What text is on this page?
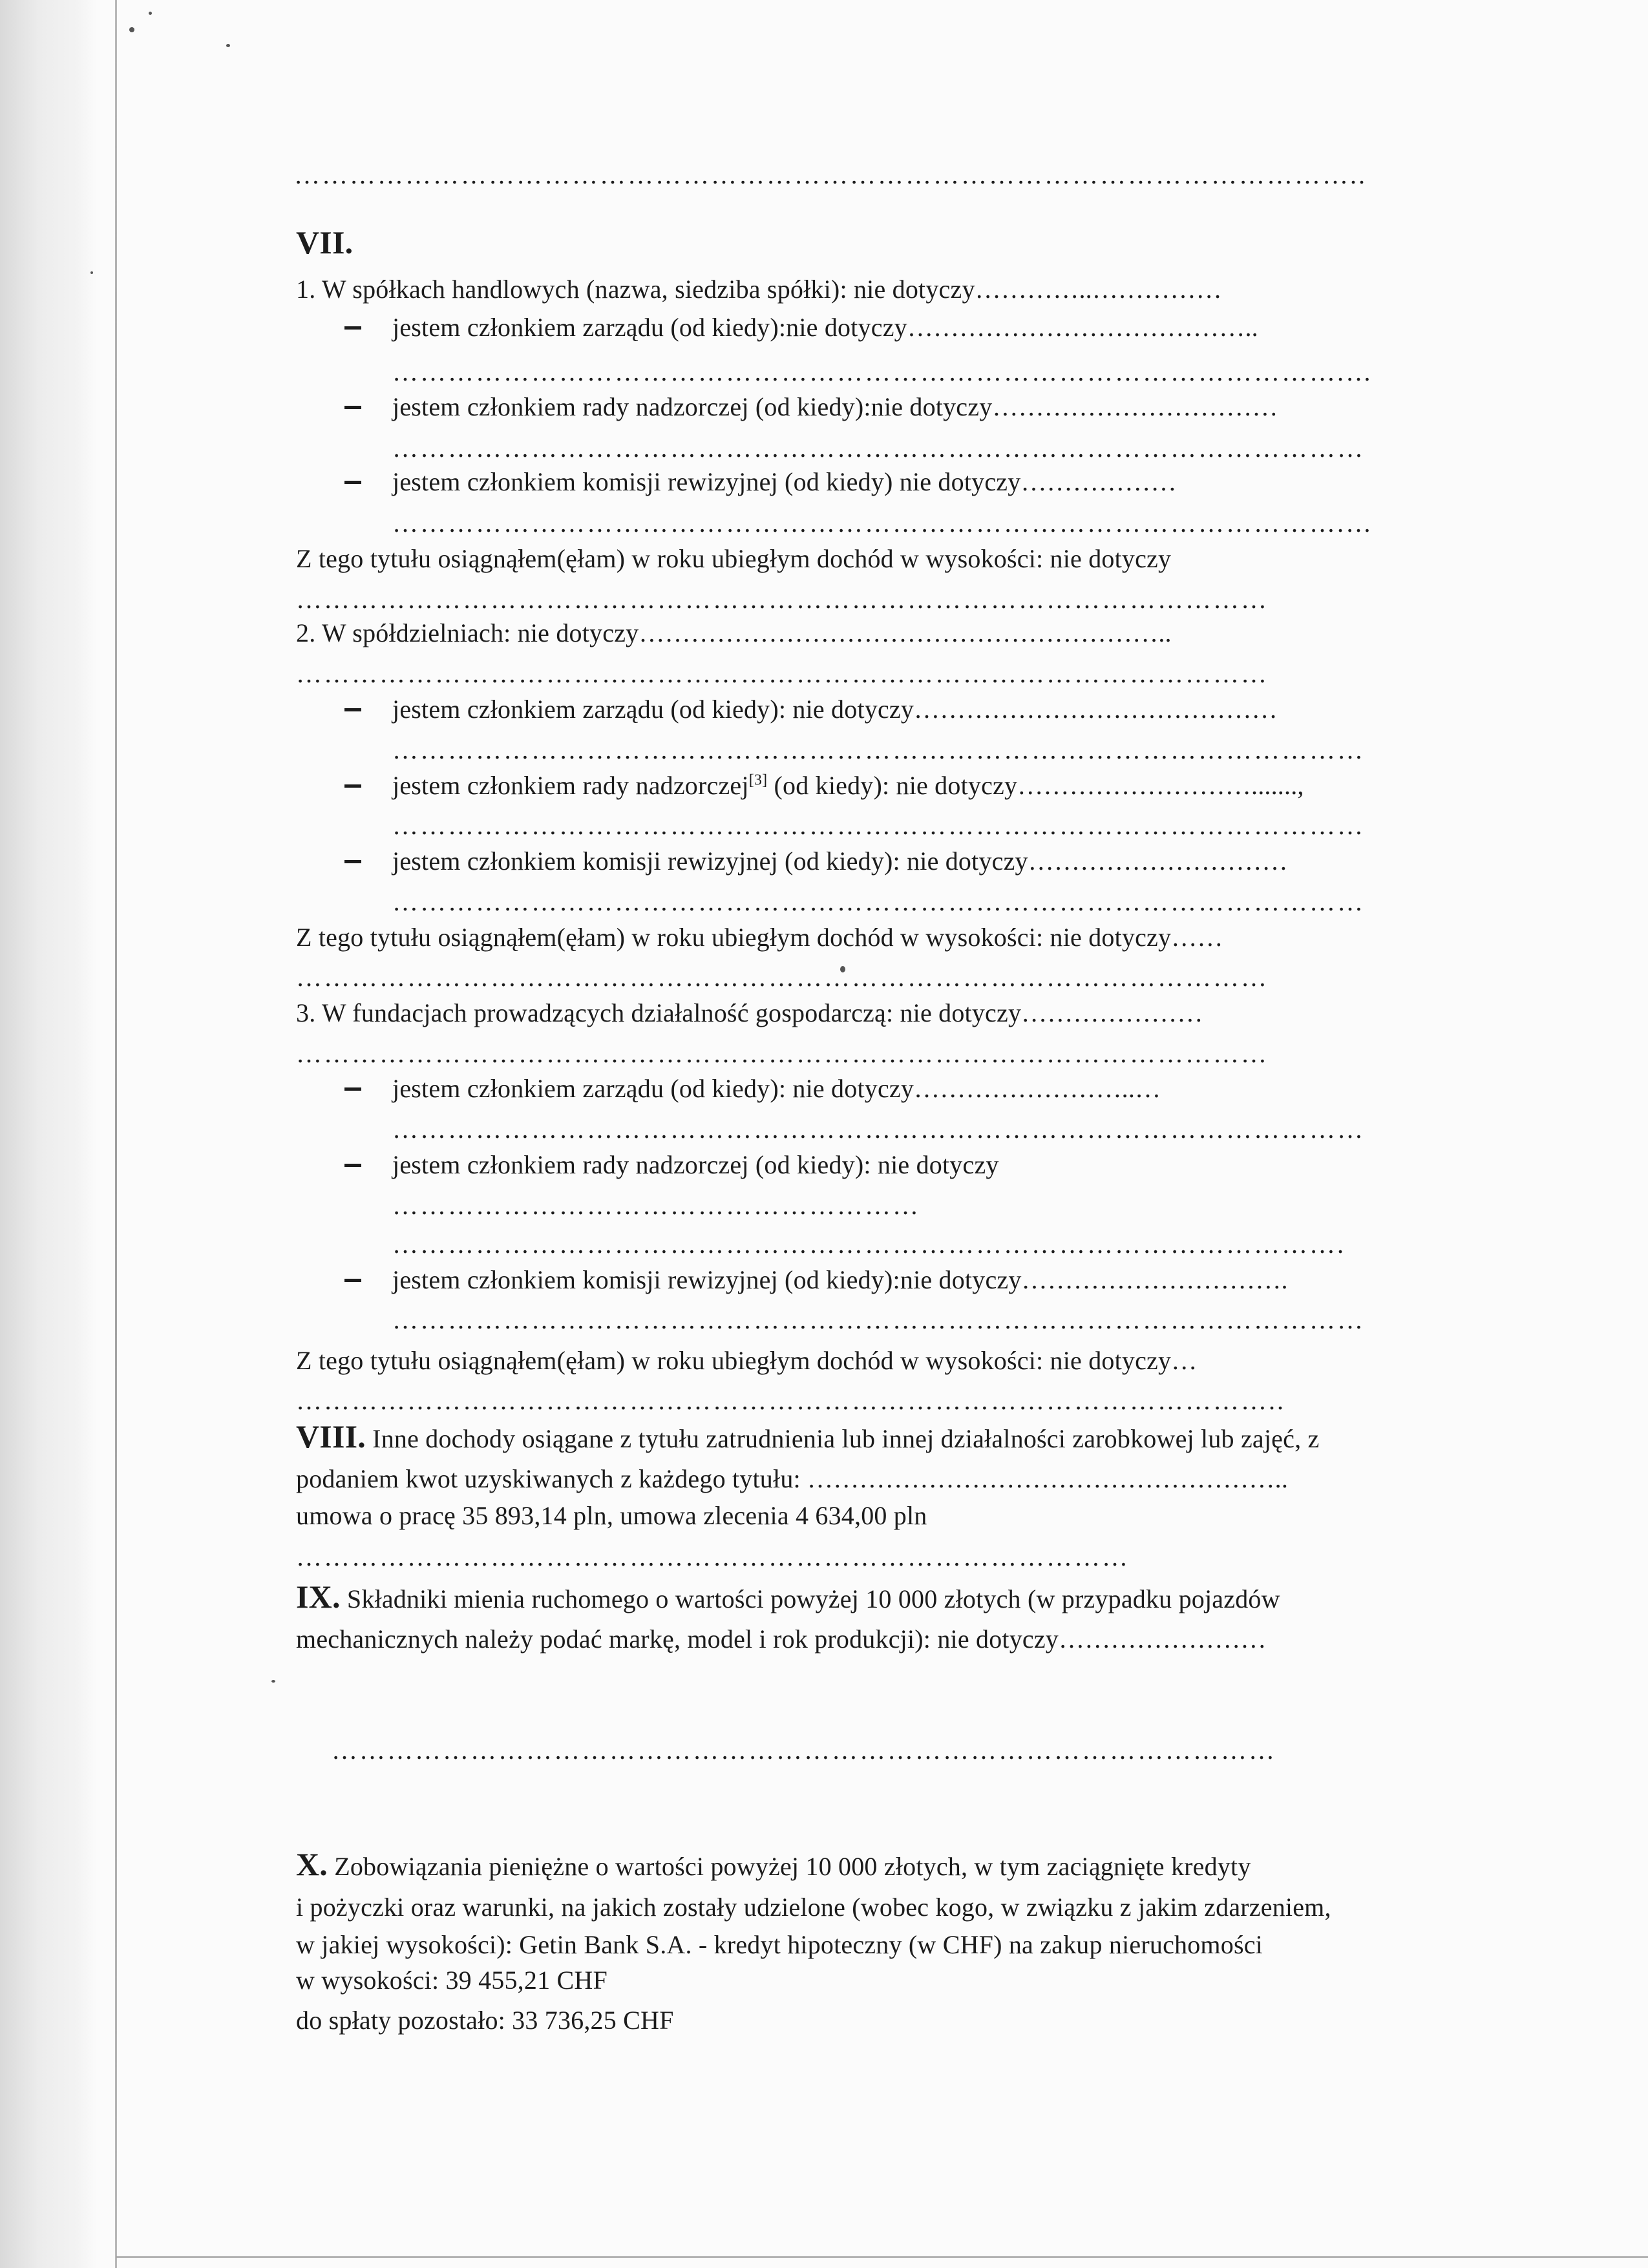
……………………………………………………………………………………………………..
VII.
1. W spółkach handlowych (nazwa, siedziba spółki): nie dotyczy…………..……………
jestem członkiem zarządu (od kiedy):nie dotyczy…………………………………..
………………………………………………………………………………………….…
jestem członkiem rady nadzorczej (od kiedy):nie dotyczy……………………………
……………………………………………………………………………………………
jestem członkiem komisji rewizyjnej (od kiedy) nie dotyczy………………
………………………………………………………………………………………….…
Z tego tytułu osiągnąłem(ęłam) w roku ubiegłym dochód w wysokości: nie dotyczy
……………………………………………………………………………………………
2. W spółdzielniach: nie dotyczy……………………………………………………..
……………………………………………………………………………………………
jestem członkiem zarządu (od kiedy): nie dotyczy……………………………………
……………………………………………………………………………………………
jestem członkiem rady nadzorczej[3] (od kiedy): nie dotyczy……………………….......,
……………………………………………………………………………………………
jestem członkiem komisji rewizyjnej (od kiedy): nie dotyczy…………………………
……………………………………………………………………………………………
Z tego tytułu osiągnąłem(ęłam) w roku ubiegłym dochód w wysokości: nie dotyczy……
……………………………………………………………………………………………
3. W fundacjach prowadzących działalność gospodarczą: nie dotyczy…………………
……………………………………………………………………………………………
jestem członkiem zarządu (od kiedy): nie dotyczy……………………..…
……………………………………………………………………………………………
jestem członkiem rady nadzorczej (od kiedy): nie dotyczy
…………………………………………………
………………………………………………………………………………………….
jestem członkiem komisji rewizyjnej (od kiedy):nie dotyczy………………………….
……………………………………………………………………………………………
Z tego tytułu osiągnąłem(ęłam) w roku ubiegłym dochód w wysokości: nie dotyczy…
……………………………………………………………………………………………..
VIII. Inne dochody osiągane z tytułu zatrudnienia lub innej działalności zarobkowej lub zajęć, z
podaniem kwot uzyskiwanych z każdego tytułu: ………………………………………………..
umowa o pracę 35 893,14 pln, umowa zlecenia 4 634,00 pln
………………………………………………………………………………
IX. Składniki mienia ruchomego o wartości powyżej 10 000 złotych (w przypadku pojazdów
mechanicznych należy podać markę, model i rok produkcji): nie dotyczy……………………
…………………………………………………………………………………………
X. Zobowiązania pieniężne o wartości powyżej 10 000 złotych, w tym zaciągnięte kredyty
i pożyczki oraz warunki, na jakich zostały udzielone (wobec kogo, w związku z jakim zdarzeniem,
w jakiej wysokości): Getin Bank S.A. - kredyt hipoteczny (w CHF) na zakup nieruchomości
w wysokości: 39 455,21 CHF
do spłaty pozostało: 33 736,25 CHF
